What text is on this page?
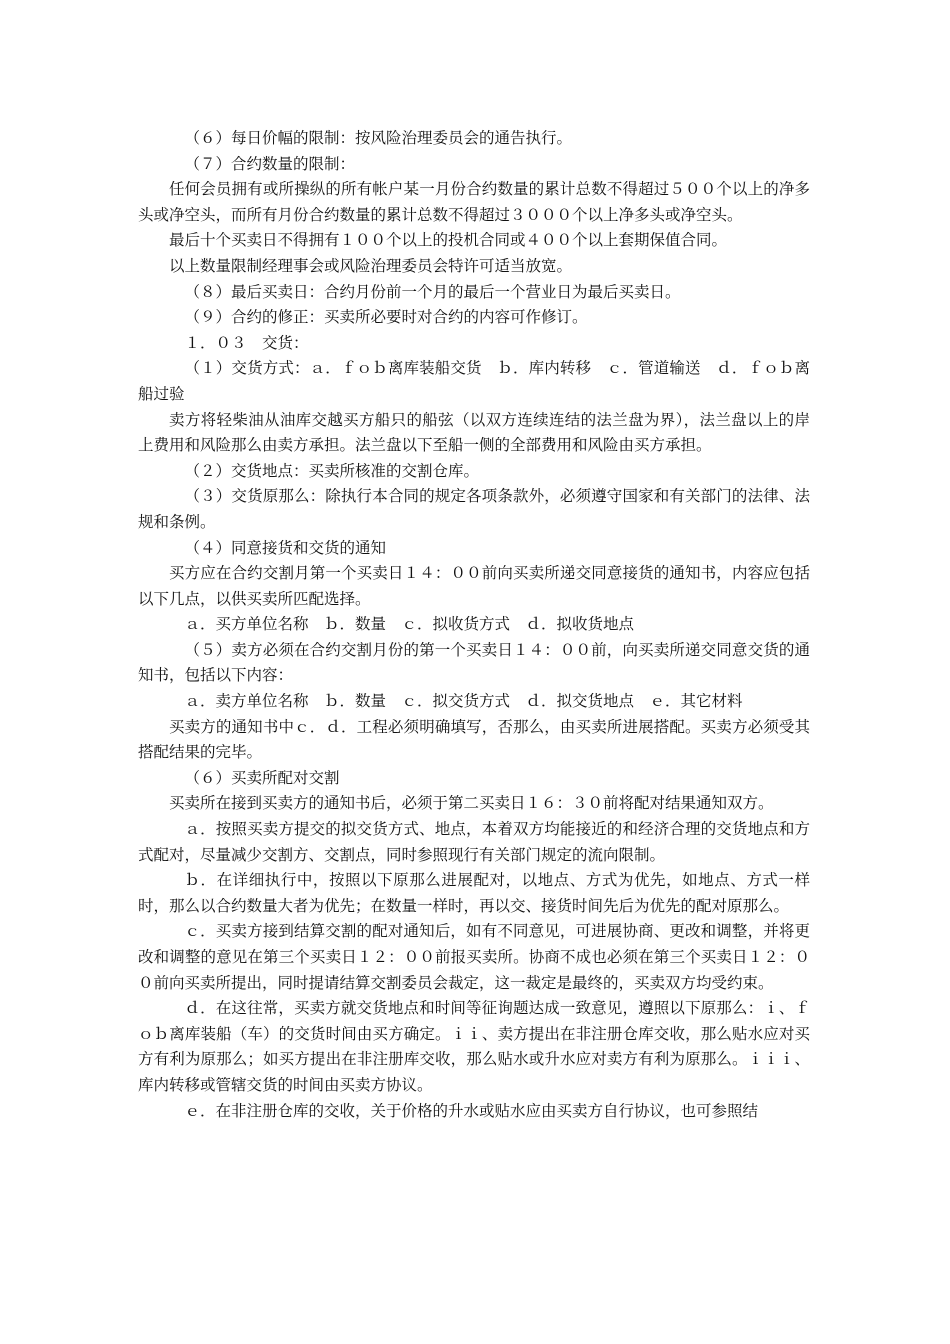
（６）每日价幅的限制：按风险治理委员会的通告执行。

（７）合约数量的限制：

任何会员拥有或所操纵的所有帐户某一月份合约数量的累计总数不得超过５００个以上的净多头或净空头，而所有月份合约数量的累计总数不得超过３０００个以上净多头或净空头。

最后十个买卖日不得拥有１００个以上的投机合同或４００个以上套期保值合同。

以上数量限制经理事会或风险治理委员会特许可适当放宽。

（８）最后买卖日：合约月份前一个月的最后一个营业日为最后买卖日。

（９）合约的修正：买卖所必要时对合约的内容可作修订。

１．０３　交货：

（１）交货方式：ａ．ｆｏｂ离库装船交货　ｂ．库内转移　ｃ．管道输送　ｄ．ｆｏｂ离船过验

卖方将轻柴油从油库交越买方船只的船弦（以双方连续连结的法兰盘为界），法兰盘以上的岸上费用和风险那么由卖方承担。法兰盘以下至船一侧的全部费用和风险由买方承担。

（２）交货地点：买卖所核准的交割仓库。

（３）交货原那么：除执行本合同的规定各项条款外，必须遵守国家和有关部门的法律、法规和条例。

（４）同意接货和交货的通知

买方应在合约交割月第一个买卖日１４：００前向买卖所递交同意接货的通知书，内容应包括以下几点，以供买卖所匹配选择。

ａ．买方单位名称　ｂ．数量　ｃ．拟收货方式　ｄ．拟收货地点

（５）卖方必须在合约交割月份的第一个买卖日１４：００前，向买卖所递交同意交货的通知书，包括以下内容：

ａ．卖方单位名称　ｂ．数量　ｃ．拟交货方式　ｄ．拟交货地点　ｅ．其它材料

买卖方的通知书中ｃ．ｄ．工程必须明确填写，否那么，由买卖所进展搭配。买卖方必须受其搭配结果的完毕。

（６）买卖所配对交割

买卖所在接到买卖方的通知书后，必须于第二买卖日１６：３０前将配对结果通知双方。

ａ．按照买卖方提交的拟交货方式、地点，本着双方均能接近的和经济合理的交货地点和方式配对，尽量减少交割方、交割点，同时参照现行有关部门规定的流向限制。

ｂ．在详细执行中，按照以下原那么进展配对，以地点、方式为优先，如地点、方式一样时，那么以合约数量大者为优先；在数量一样时，再以交、接货时间先后为优先的配对原那么。

ｃ．买卖方接到结算交割的配对通知后，如有不同意见，可进展协商、更改和调整，并将更改和调整的意见在第三个买卖日１２：００前报买卖所。协商不成也必须在第三个买卖日１２：００前向买卖所提出，同时提请结算交割委员会裁定，这一裁定是最终的，买卖双方均受约束。

ｄ．在这往常，买卖方就交货地点和时间等征询题达成一致意见，遵照以下原那么：ｉ、ｆｏｂ离库装船（车）的交货时间由买方确定。ｉｉ、卖方提出在非注册仓库交收，那么贴水应对买方有利为原那么；如买方提出在非注册库交收，那么贴水或升水应对卖方有利为原那么。ｉｉｉ、库内转移或管辖交货的时间由买卖方协议。

ｅ．在非注册仓库的交收，关于价格的升水或贴水应由买卖方自行协议，也可参照结
